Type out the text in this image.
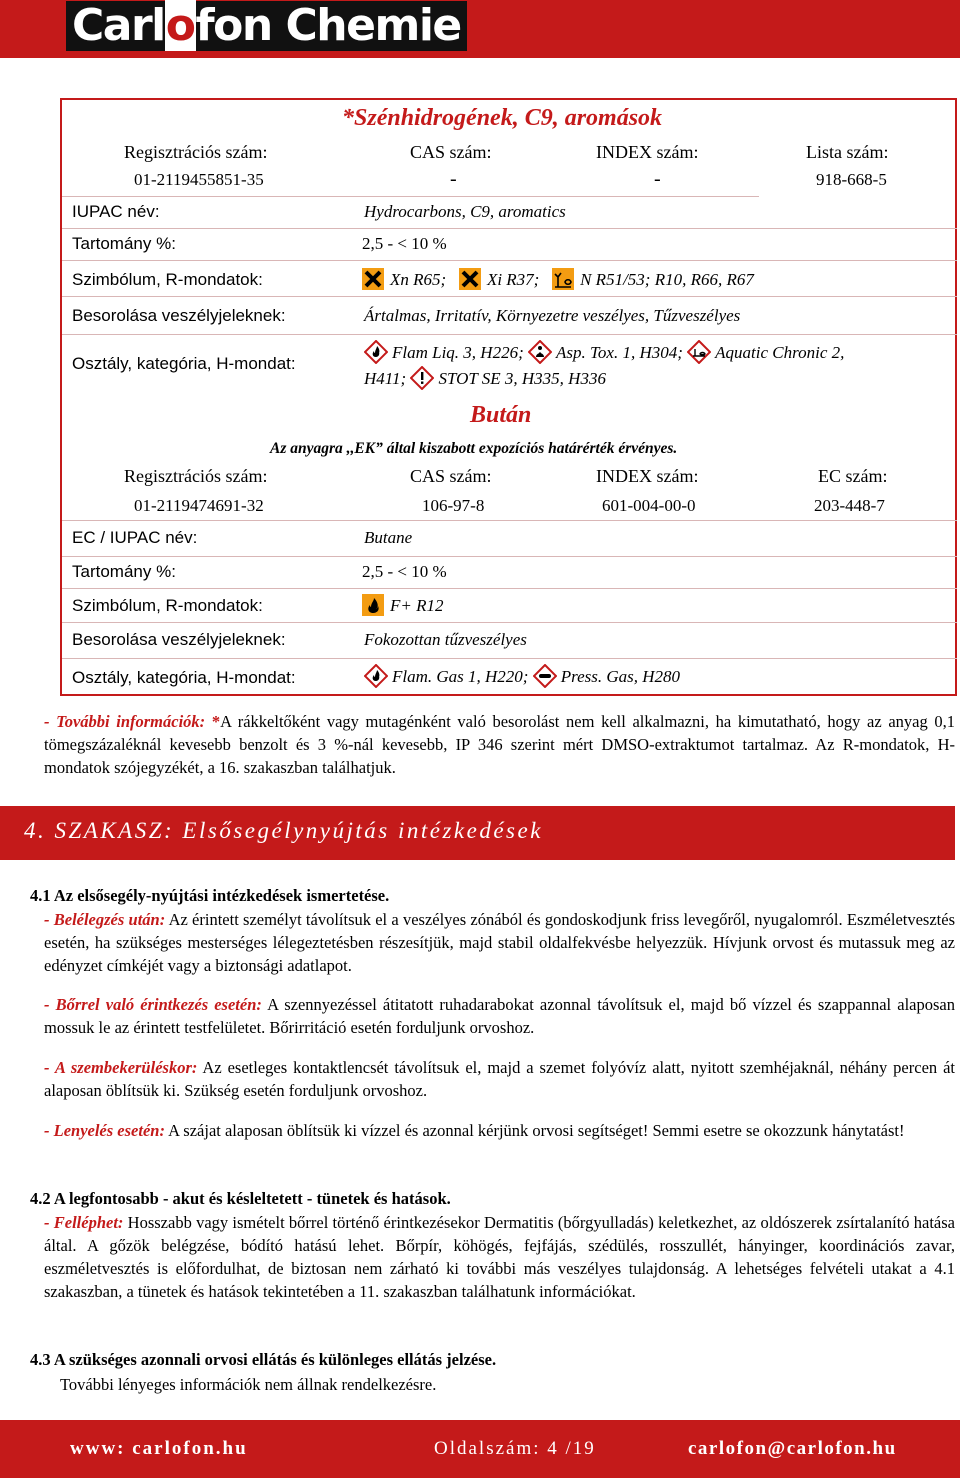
Carlofon Chemie
*Szénhidrogének, C9, aromások
Regisztrációs szám:	CAS szám:	INDEX szám:	Lista szám:
01-2119455851-35	-	-	918-668-5
IUPAC név:	Hydrocarbons, C9, aromatics
Tartomány %:	2,5 - < 10 %
Szimbólum, R-mondatok:	Xn R65; Xi R37; N R51/53; R10, R66, R67
Besorolása veszélyjeleknek:	Ártalmas, Irritatív, Környezetre veszélyes, Tűzveszélyes
Osztály, kategória, H-mondat:
Flam Liq. 3, H226; Asp. Tox. 1, H304; Aquatic Chronic 2,
H411; STOT SE 3, H335, H336
Bután
Az anyagra ,,EK” által kiszabott expozíciós határérték érvényes.
Regisztrációs szám:	CAS szám:	INDEX szám:	EC szám:
01-2119474691-32	106-97-8	601-004-00-0	203-448-7
EC / IUPAC név:	Butane
Tartomány %:	2,5 - < 10 %
Szimbólum, R-mondatok:	F+ R12
Besorolása veszélyjeleknek:	Fokozottan tűzveszélyes
Osztály, kategória, H-mondat:	Flam. Gas 1, H220; Press. Gas, H280
- További információk: *A rákkeltőként vagy mutagénként való besorolást nem kell alkalmazni, ha kimutatható, hogy az anyag 0,1 tömegszázaléknál kevesebb benzolt és 3 %-nál kevesebb, IP 346 szerint mért DMSO-extraktumot tartalmaz. Az R-mondatok, H-mondatok szójegyzékét, a 16. szakaszban találhatjuk.
4. SZAKASZ: Elsősegélynyújtás intézkedések
4.1 Az elsősegély-nyújtási intézkedések ismertetése.
- Belélegzés után: Az érintett személyt távolítsuk el a veszélyes zónából és gondoskodjunk friss levegőről, nyugalomról. Eszméletvesztés esetén, ha szükséges mesterséges lélegeztetésben részesítjük, majd stabil oldalfekvésbe helyezzük. Hívjunk orvost és mutassuk meg az edényzet címkéjét vagy a biztonsági adatlapot.
- Bőrrel való érintkezés esetén: A szennyezéssel átitatott ruhadarabokat azonnal távolítsuk el, majd bő vízzel és szappannal alaposan mossuk le az érintett testfelületet. Bőrirritáció esetén forduljunk orvoshoz.
- A szembekerüléskor: Az esetleges kontaktlencsét távolítsuk el, majd a szemet folyóvíz alatt, nyitott szemhéjaknál, néhány percen át alaposan öblítsük ki. Szükség esetén forduljunk orvoshoz.
- Lenyelés esetén: A szájat alaposan öblítsük ki vízzel és azonnal kérjünk orvosi segítséget! Semmi esetre se okozzunk hánytatást!
4.2 A legfontosabb - akut és késleltetett - tünetek és hatások.
- Felléphet: Hosszabb vagy ismételt bőrrel történő érintkezésekor Dermatitis (bőrgyulladás) keletkezhet, az oldószerek zsírtalanító hatása által. A gőzök belégzése, bódító hatású lehet. Bőrpír, köhögés, fejfájás, szédülés, rosszullét, hányinger, koordinációs zavar, eszméletvesztés is előfordulhat, de biztosan nem zárható ki további más veszélyes tulajdonság. A lehetséges felvételi utakat a 4.1 szakaszban, a tünetek és hatások tekintetében a 11. szakaszban találhatunk információkat.
4.3 A szükséges azonnali orvosi ellátás és különleges ellátás jelzése.
További lényeges információk nem állnak rendelkezésre.
www: carlofon.hu	Oldalszám: 4 /19	carlofon@carlofon.hu
